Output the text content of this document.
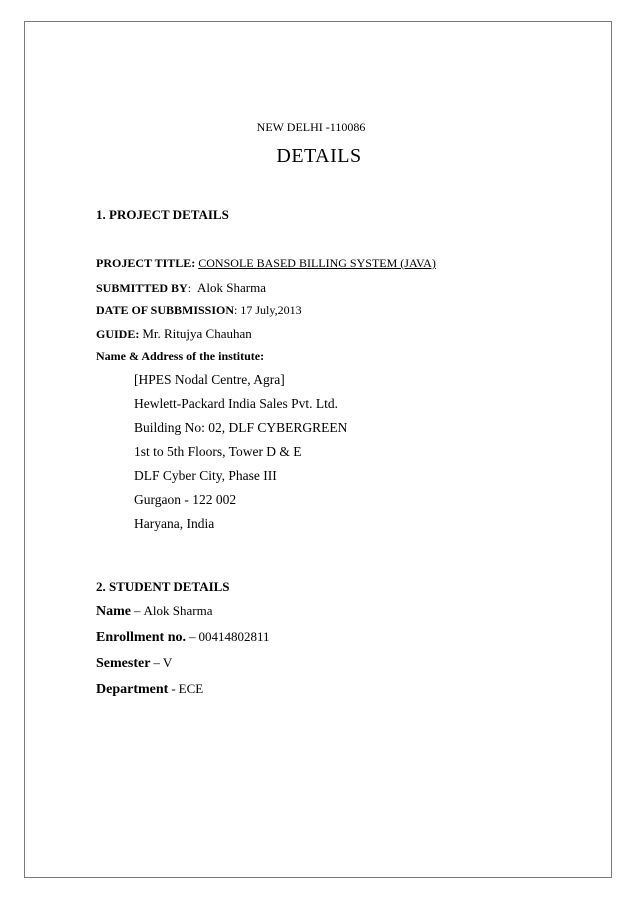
NEW DELHI -110086
DETAILS
1. PROJECT DETAILS
PROJECT TITLE: CONSOLE BASED BILLING SYSTEM (JAVA)
SUBMITTED BY: Alok Sharma
DATE OF SUBBMISSION: 17 July,2013
GUIDE: Mr. Ritujya Chauhan
Name & Address of the institute:
[HPES Nodal Centre, Agra]
Hewlett-Packard India Sales Pvt. Ltd.
Building No: 02, DLF CYBERGREEN
1st to 5th Floors, Tower D & E
DLF Cyber City, Phase III
Gurgaon - 122 002
Haryana, India
2. STUDENT DETAILS
Name – Alok Sharma
Enrollment no. – 00414802811
Semester – V
Department - ECE
